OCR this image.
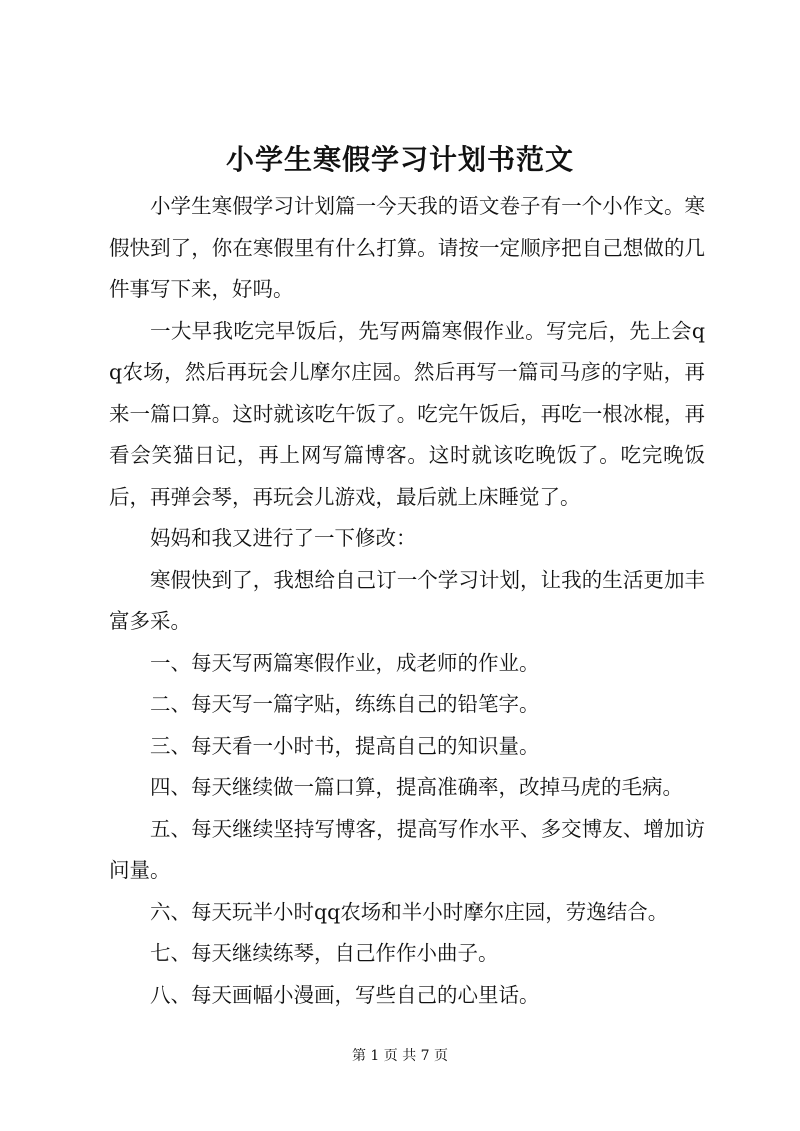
小学生寒假学习计划书范文

小学生寒假学习计划篇一今天我的语文卷子有一个小作文。寒假快到了，你在寒假里有什么打算。请按一定顺序把自己想做的几件事写下来，好吗。

一大早我吃完早饭后，先写两篇寒假作业。写完后，先上会qq农场，然后再玩会儿摩尔庄园。然后再写一篇司马彦的字贴，再来一篇口算。这时就该吃午饭了。吃完午饭后，再吃一根冰棍，再看会笑猫日记，再上网写篇博客。这时就该吃晚饭了。吃完晚饭后，再弹会琴，再玩会儿游戏，最后就上床睡觉了。

妈妈和我又进行了一下修改：

寒假快到了，我想给自己订一个学习计划，让我的生活更加丰富多采。

一、每天写两篇寒假作业，成老师的作业。

二、每天写一篇字贴，练练自己的铅笔字。

三、每天看一小时书，提高自己的知识量。

四、每天继续做一篇口算，提高准确率，改掉马虎的毛病。

五、每天继续坚持写博客，提高写作水平、多交博友、增加访问量。

六、每天玩半小时qq农场和半小时摩尔庄园，劳逸结合。

七、每天继续练琴，自己作作小曲子。

八、每天画幅小漫画，写些自己的心里话。

第 1 页 共 7 页
